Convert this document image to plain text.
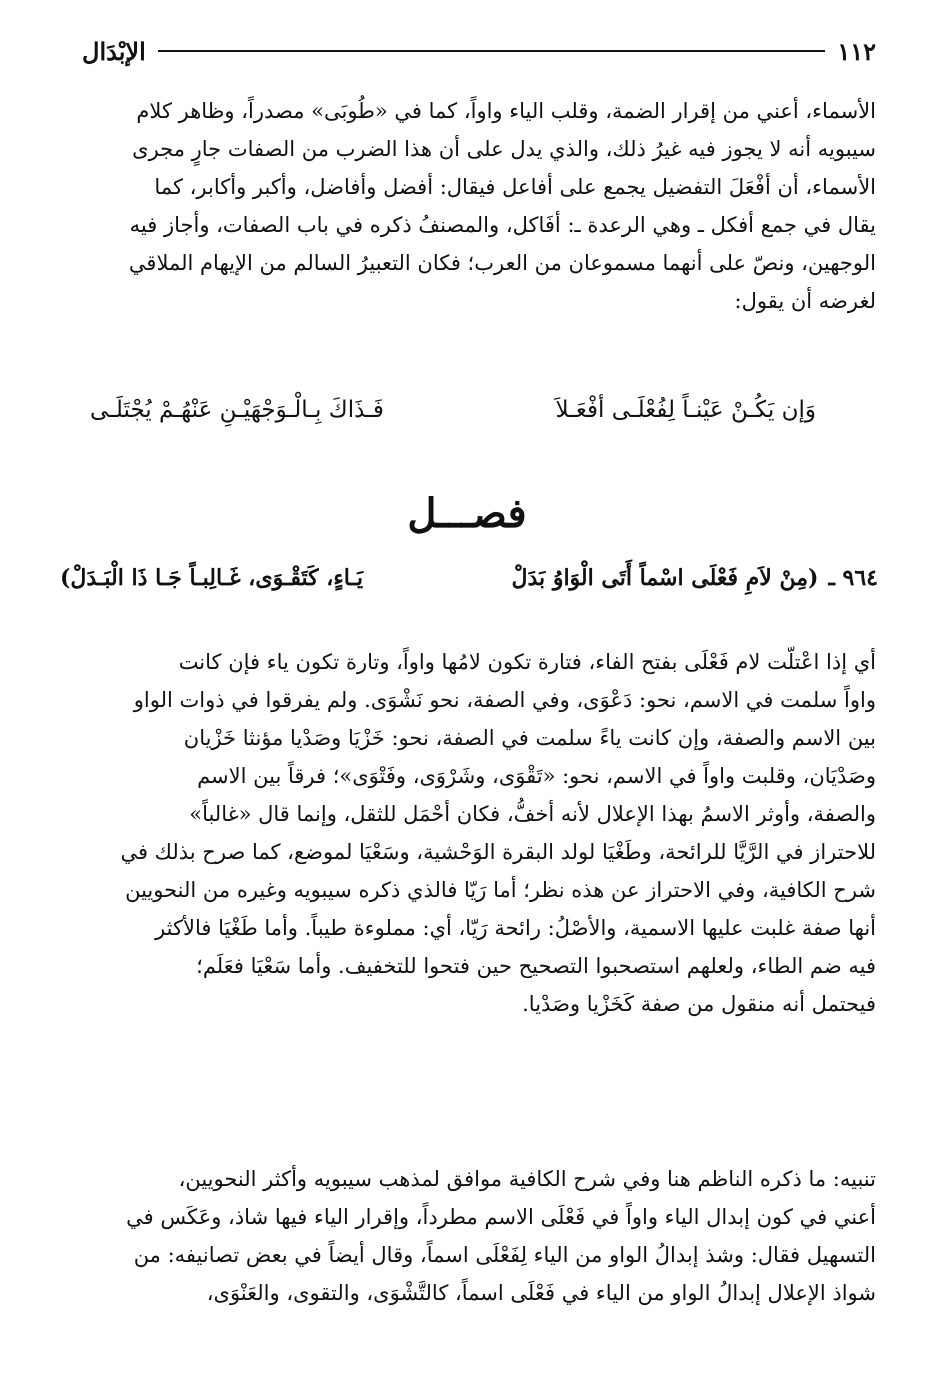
١١٢
الإبْدَال

الأسماء، أعني من إقرار الضمة، وقلب الياء واواً، كما في «طُوبَى» مصدراً، وظاهر كلام

سيبويه أنه لا يجوز فيه غيرُ ذلك، والذي يدل على أن هذا الضرب من الصفات جارٍ مجرى

الأسماء، أن أفْعَلَ التفضيل يجمع على أفاعل فيقال: أفضل وأفاضل، وأكبر وأكابر، كما

يقال في جمع أفكل ـ وهي الرعدة ـ: أفَاكل، والمصنفُ ذكره في باب الصفات، وأجاز فيه

الوجهين، ونصّ على أنهما مسموعان من العرب؛ فكان التعبيرُ السالم من الإيهام الملاقي

لغرضه أن يقول:

وَإن يَكُـنْ عَيْنـاً لِفُعْلَـى أفْعَـلاَ
فَـذَاكَ بِـالْـوَجْهَيْـنِ عَنْهُـمْ يُجْتَلَـى
فصـــل
٩٦٤ ـ
(مِنْ لاَمِ فَعْلَى اسْماً أَتَى الْوَاوُ بَدَلْ
يَـاءٍ، كَتَقْـوَى، غَـالِبـاً جَـا ذَا الْبَـدَلْ)

أي إذا اعْتلّت لام فَعْلَى بفتح الفاء، فتارة تكون لامُها واواً، وتارة تكون ياء فإن كانت

واواً سلمت في الاسم، نحو: دَعْوَى، وفي الصفة، نحو نَشْوَى. ولم يفرقوا في ذوات الواو

بين الاسم والصفة، وإن كانت ياءً سلمت في الصفة، نحو: خَزْيَا وصَدْيا مؤنثا خَزْيان

وصَدْيَان، وقلبت واواً في الاسم، نحو: «تَقْوَى، وشَرْوَى، وفَتْوَى»؛ فرقاً بين الاسم

والصفة، وأوثر الاسمُ بهذا الإعلال لأنه أخفُّ، فكان أحْمَل للثقل، وإنما قال «غالباً»

للاحتراز في الرَّيَّا للرائحة، وطَغْيَا لولد البقرة الوَحْشية، وسَعْيَا لموضع، كما صرح بذلك في

شرح الكافية، وفي الاحتراز عن هذه نظر؛ أما رَيّا فالذي ذكره سيبويه وغيره من النحويين

أنها صفة غلبت عليها الاسمية، والأصْلُ: رائحة رَيّا، أي: مملوءة طيباً. وأما طَغْيَا فالأكثر

فيه ضم الطاء، ولعلهم استصحبوا التصحيح حين فتحوا للتخفيف. وأما سَعْيَا فعَلَم؛

فيحتمل أنه منقول من صفة كَخَزْيا وصَدْيا.

تنبيه: ما ذكره الناظم هنا وفي شرح الكافية موافق لمذهب سيبويه وأكثر النحويين،

أعني في كون إبدال الياء واواً في فَعْلَى الاسم مطرداً، وإقرار الياء فيها شاذ، وعَكَس في

التسهيل فقال: وشذ إبدالُ الواو من الياء لِفَعْلَى اسماً، وقال أيضاً في بعض تصانيفه: من

شواذ الإعلال إبدالُ الواو من الياء في فَعْلَى اسماً، كالتَّشْوَى، والتقوى، والعَنْوَى،
